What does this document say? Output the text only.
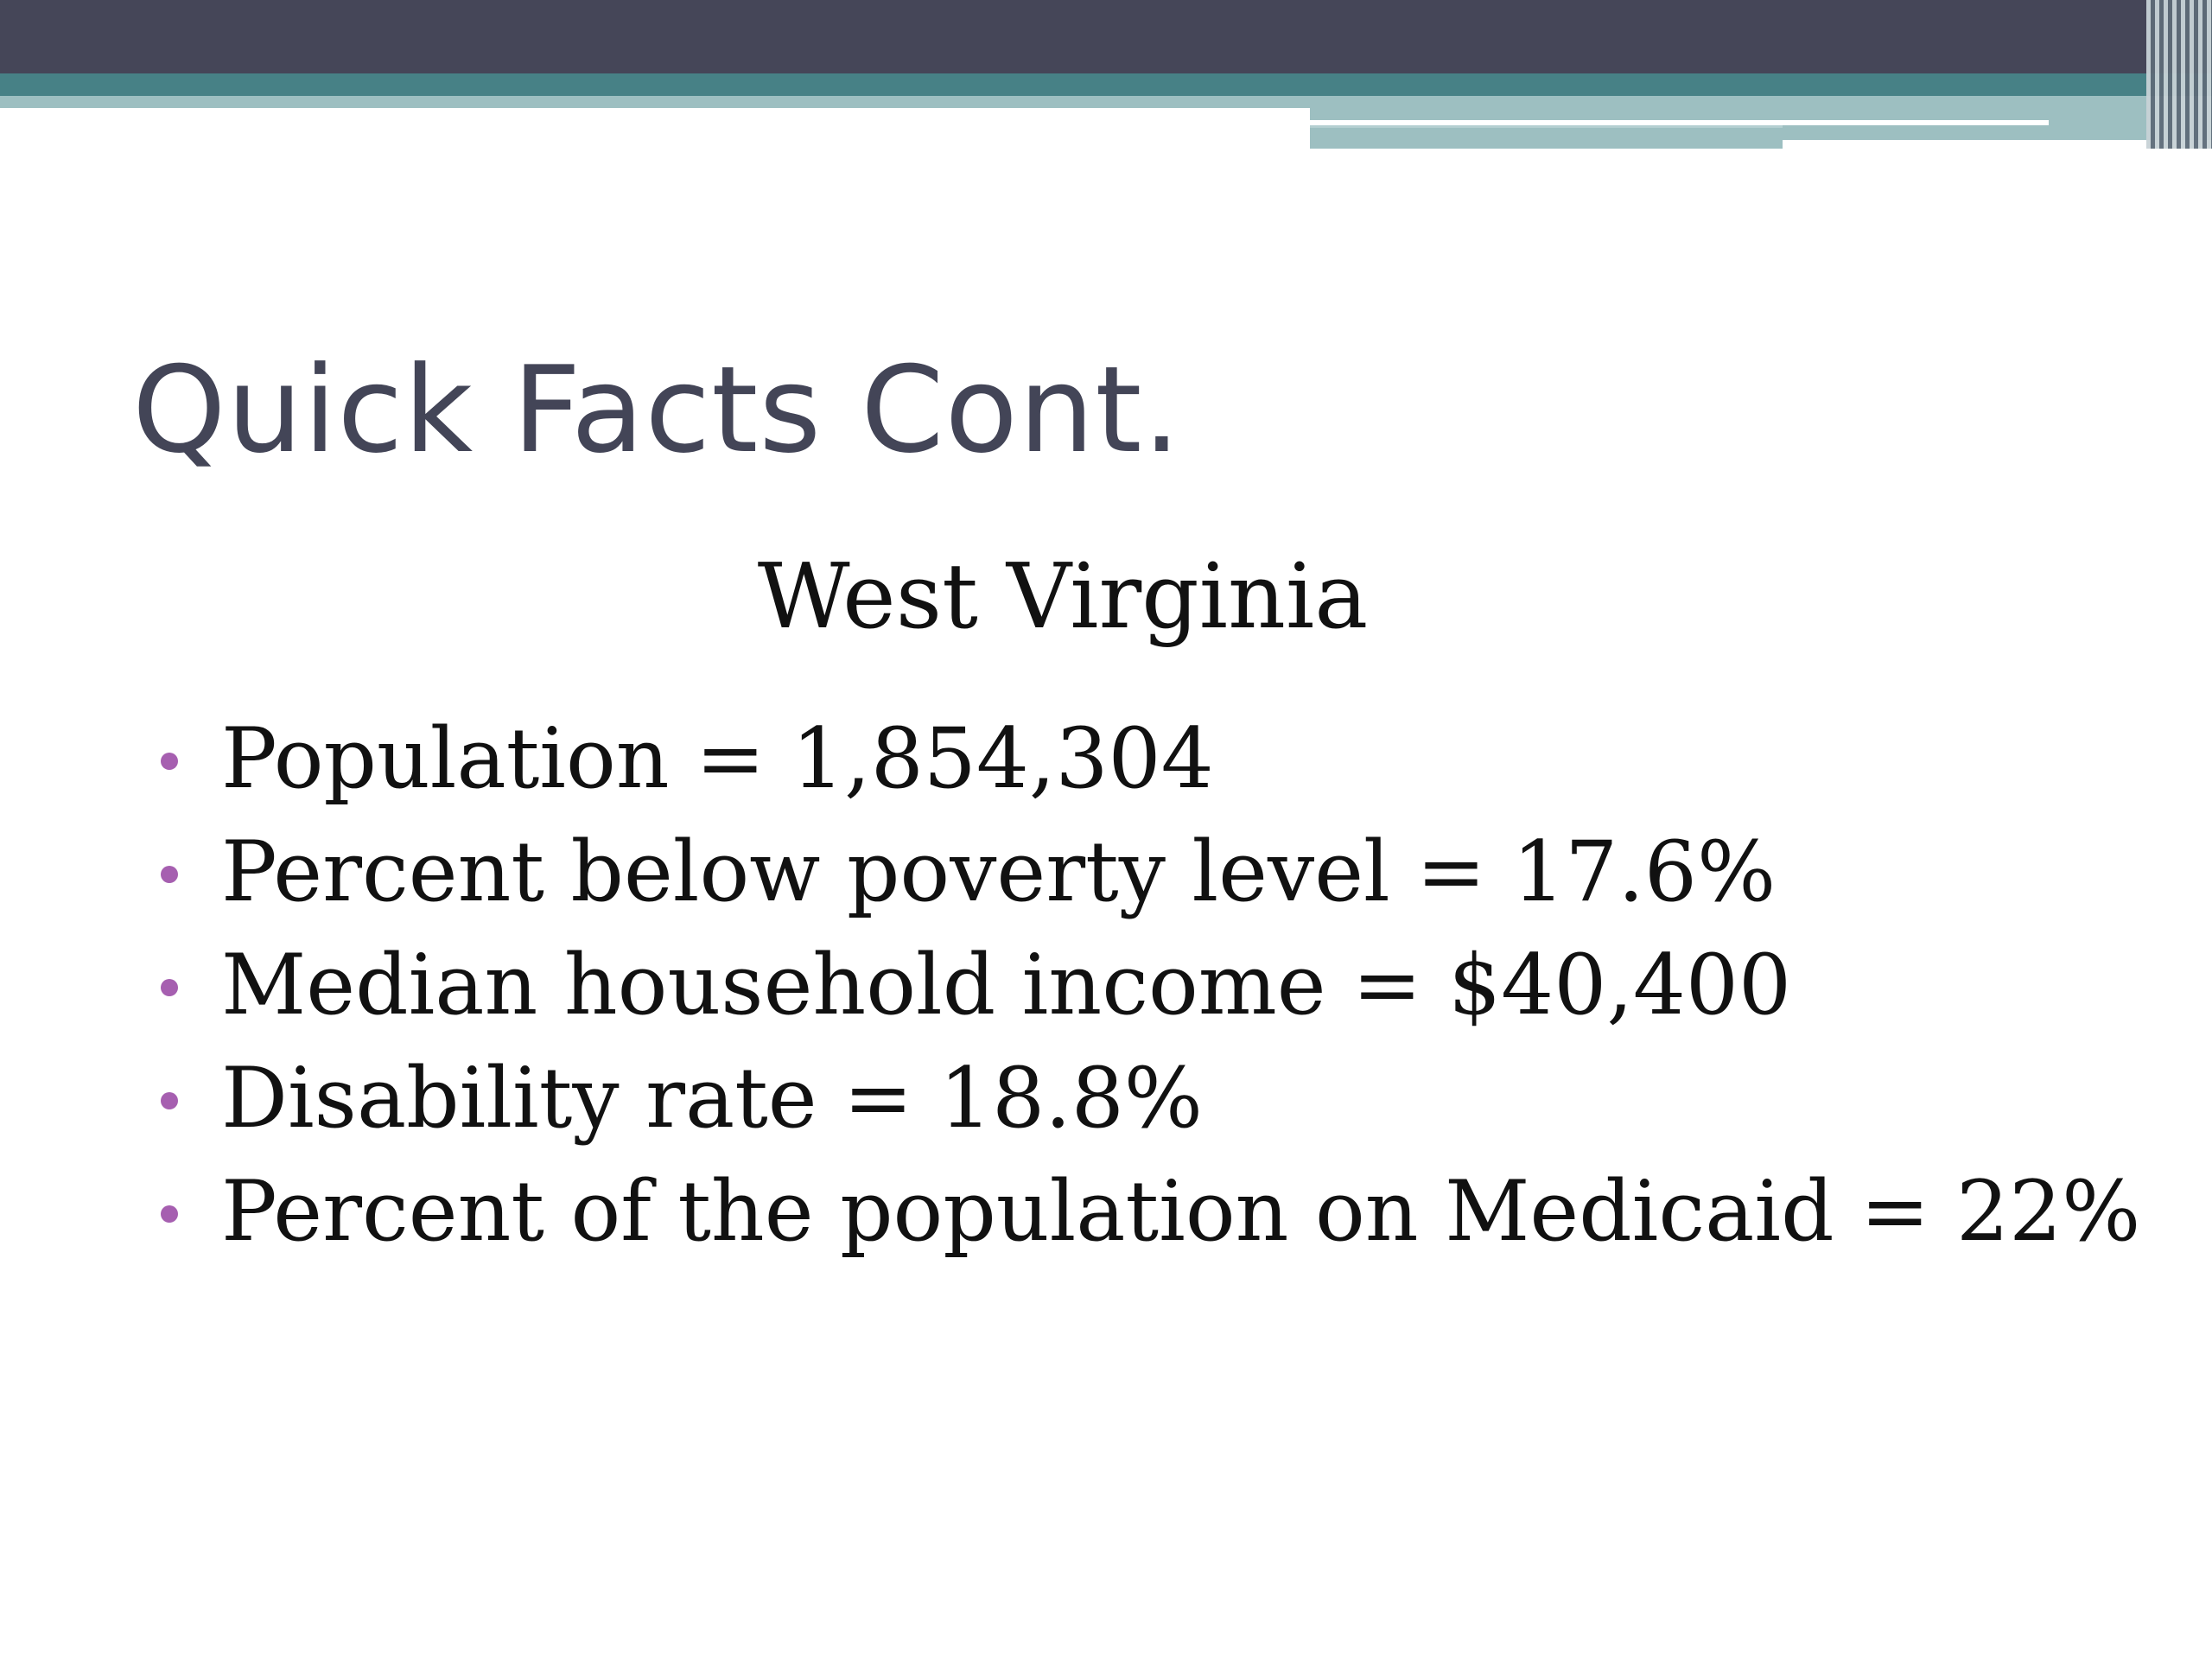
Quick Facts Cont.
West Virginia
Population = 1,854,304
Percent below poverty level = 17.6%
Median household income = $40,400
Disability rate = 18.8%
Percent of the population on Medicaid = 22%
